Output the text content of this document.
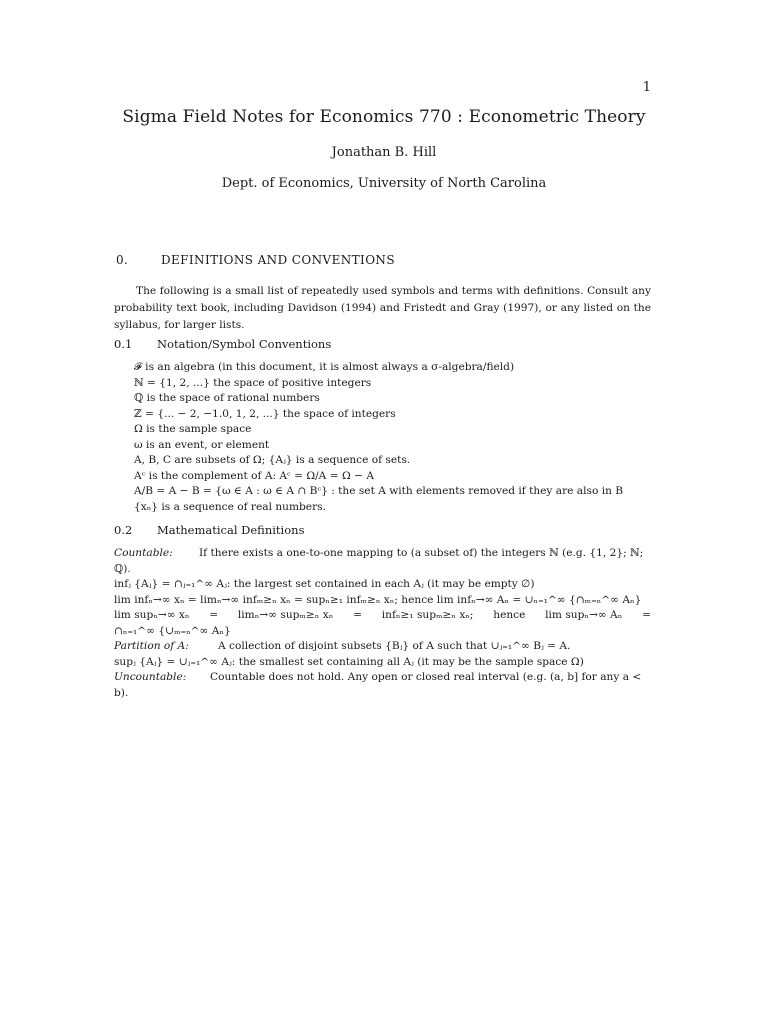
1
Sigma Field Notes for Economics 770 : Econometric Theory
Jonathan B. Hill
Dept. of Economics, University of North Carolina
0.	DEFINITIONS AND CONVENTIONS
The following is a small list of repeatedly used symbols and terms with definitions. Consult any probability text book, including Davidson (1994) and Fristedt and Gray (1997), or any listed on the syllabus, for larger lists.
0.1 Notation/Symbol Conventions
𝓕 is an algebra (in this document, it is almost always a σ-algebra/field)
ℕ = {1, 2, ...} the space of positive integers
ℚ is the space of rational numbers
ℤ = {... − 2, −1.0, 1, 2, ...} the space of integers
Ω is the sample space
ω is an event, or element
A, B, C are subsets of Ω; {Aⱼ} is a sequence of sets.
Aᶜ is the complement of A: Aᶜ = Ω/A = Ω − A
A/B = A − B = {ω ∈ A : ω ∈ A ∩ Bᶜ} : the set A with elements removed if they are also in B
{xₙ} is a sequence of real numbers.
0.2 Mathematical Definitions
Countable: If there exists a one-to-one mapping to (a subset of) the integers ℕ (e.g. {1, 2}; ℕ; ℚ).
infⱼ {Aⱼ} = ∩ⱼ₌₁^∞ Aⱼ: the largest set contained in each Aⱼ (it may be empty ∅)
lim infₙ→∞ xₙ = limₙ→∞ infₘ≥ₙ xₙ = supₙ≥₁ infₘ≥ₙ xₙ; hence lim infₙ→∞ Aₙ = ∪ₙ₌₁^∞ {∩ₘ₌ₙ^∞ Aₙ}
lim supₙ→∞ xₙ = limₙ→∞ supₘ≥ₙ xₙ = infₙ≥₁ supₘ≥ₙ xₙ; hence lim supₙ→∞ Aₙ =
∩ₙ₌₁^∞ {∪ₘ₌ₙ^∞ Aₙ}
Partition of A:	A collection of disjoint subsets {Bⱼ} of A such that ∪ⱼ₌₁^∞ Bⱼ = A.
supⱼ {Aⱼ} = ∪ⱼ₌₁^∞ Aⱼ: the smallest set containing all Aⱼ (it may be the sample space Ω)
Uncountable: Countable does not hold. Any open or closed real interval (e.g. (a, b] for any a < b).
